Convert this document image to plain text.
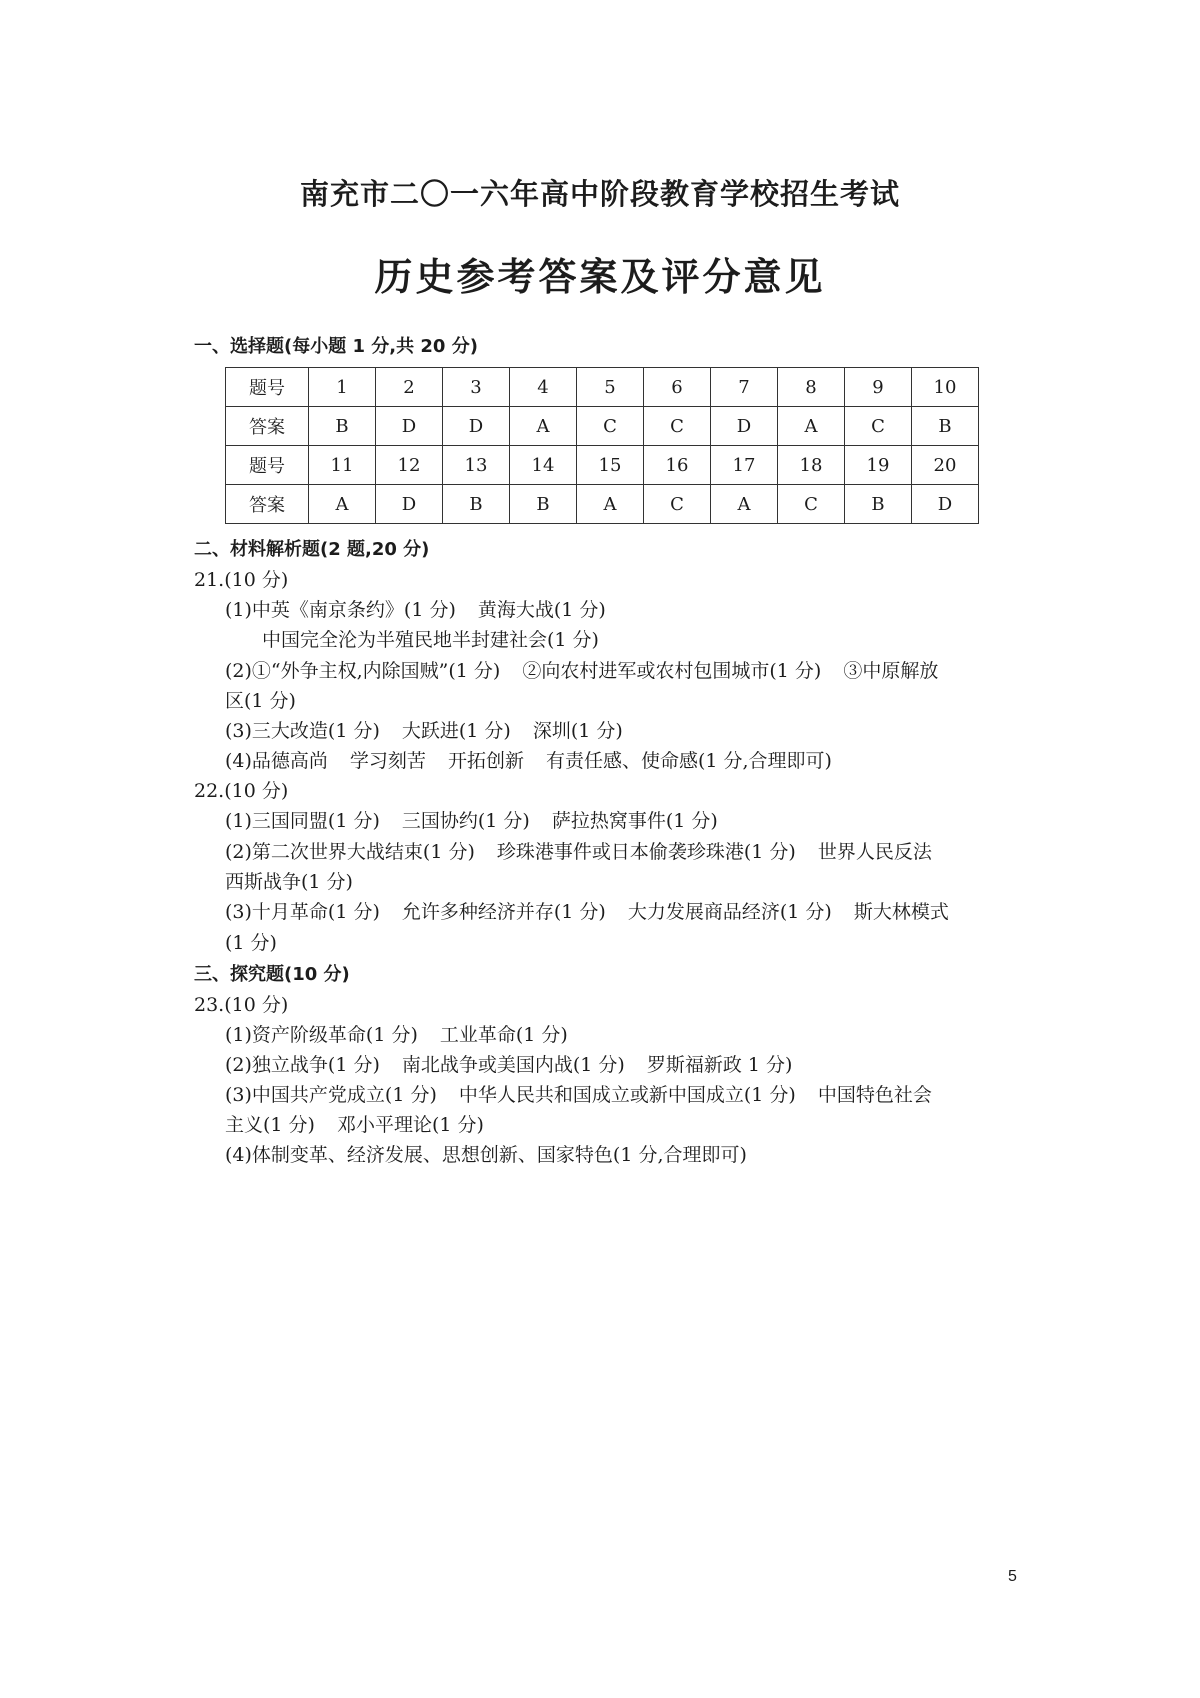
南充市二〇一六年高中阶段教育学校招生考试
历史参考答案及评分意见
一、选择题(每小题 1 分,共 20 分)
题号	1	2	3	4	5	6	7	8	9	10
答案	B	D	D	A	C	C	D	A	C	B
题号	11	12	13	14	15	16	17	18	19	20
答案	A	D	B	B	A	C	A	C	B	D
二、材料解析题(2 题,20 分)
21.(10 分)
(1)中英《南京条约》(1 分) 黄海大战(1 分)
中国完全沦为半殖民地半封建社会(1 分)
(2)①“外争主权,内除国贼”(1 分) ②向农村进军或农村包围城市(1 分) ③中原解放
区(1 分)
(3)三大改造(1 分) 大跃进(1 分) 深圳(1 分)
(4)品德高尚 学习刻苦 开拓创新 有责任感、使命感(1 分,合理即可)
22.(10 分)
(1)三国同盟(1 分) 三国协约(1 分) 萨拉热窝事件(1 分)
(2)第二次世界大战结束(1 分) 珍珠港事件或日本偷袭珍珠港(1 分) 世界人民反法
西斯战争(1 分)
(3)十月革命(1 分) 允许多种经济并存(1 分) 大力发展商品经济(1 分) 斯大林模式
(1 分)
三、探究题(10 分)
23.(10 分)
(1)资产阶级革命(1 分) 工业革命(1 分)
(2)独立战争(1 分) 南北战争或美国内战(1 分) 罗斯福新政 1 分)
(3)中国共产党成立(1 分) 中华人民共和国成立或新中国成立(1 分) 中国特色社会
主义(1 分) 邓小平理论(1 分)
(4)体制变革、经济发展、思想创新、国家特色(1 分,合理即可)
5
